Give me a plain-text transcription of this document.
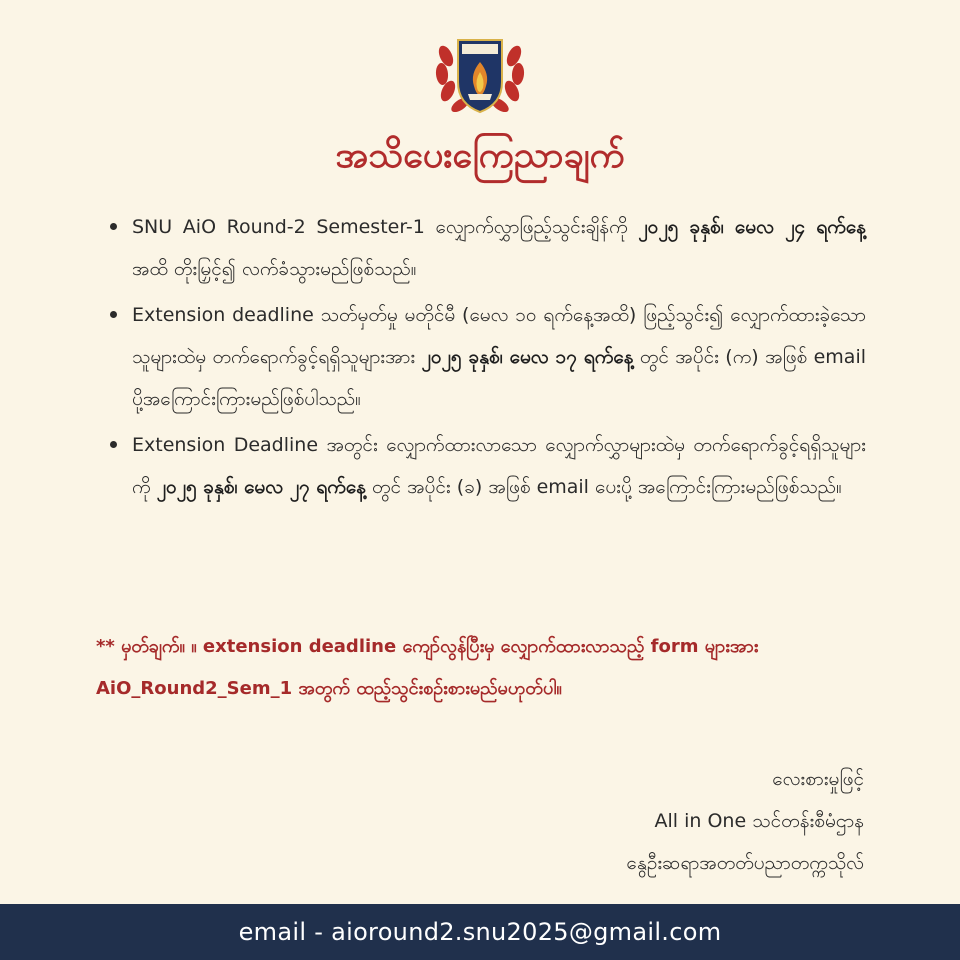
အသိပေးကြေညာချက်
SNU AiO Round-2 Semester-1 လျှောက်လွှာဖြည့်သွင်းချိန်ကို ၂၀၂၅ ခုနှစ်၊ မေလ ၂၄ ရက်နေ့ အထိ တိုးမြှင့်၍ လက်ခံသွားမည်ဖြစ်သည်။
Extension deadline သတ်မှတ်မှု မတိုင်မီ (မေလ ၁၀ ရက်နေ့အထိ) ဖြည့်သွင်း၍ လျှောက်ထားခဲ့သော သူများထဲမှ တက်ရောက်ခွင့်ရရှိသူများအား ၂၀၂၅ ခုနှစ်၊ မေလ ၁၇ ရက်နေ့ တွင် အပိုင်း (က) အဖြစ် email ပို့အကြောင်းကြားမည်ဖြစ်ပါသည်။
Extension Deadline အတွင်း လျှောက်ထားလာသော လျှောက်လွှာများထဲမှ တက်ရောက်ခွင့်ရရှိသူများကို ၂၀၂၅ ခုနှစ်၊ မေလ ၂၇ ရက်နေ့ တွင် အပိုင်း (ခ) အဖြစ် email ပေးပို့ အကြောင်းကြားမည်ဖြစ်သည်။
** မှတ်ချက်။ ။ extension deadline ကျော်လွန်ပြီးမှ လျှောက်ထားလာသည့် form များအား AiO_Round2_Sem_1 အတွက် ထည့်သွင်းစဉ်းစားမည်မဟုတ်ပါ။
လေးစားမှုဖြင့်
All in One သင်တန်းစီမံဌာန
နွေဦးဆရာအတတ်ပညာတက္ကသိုလ်
email - aioround2.snu2025@gmail.com
